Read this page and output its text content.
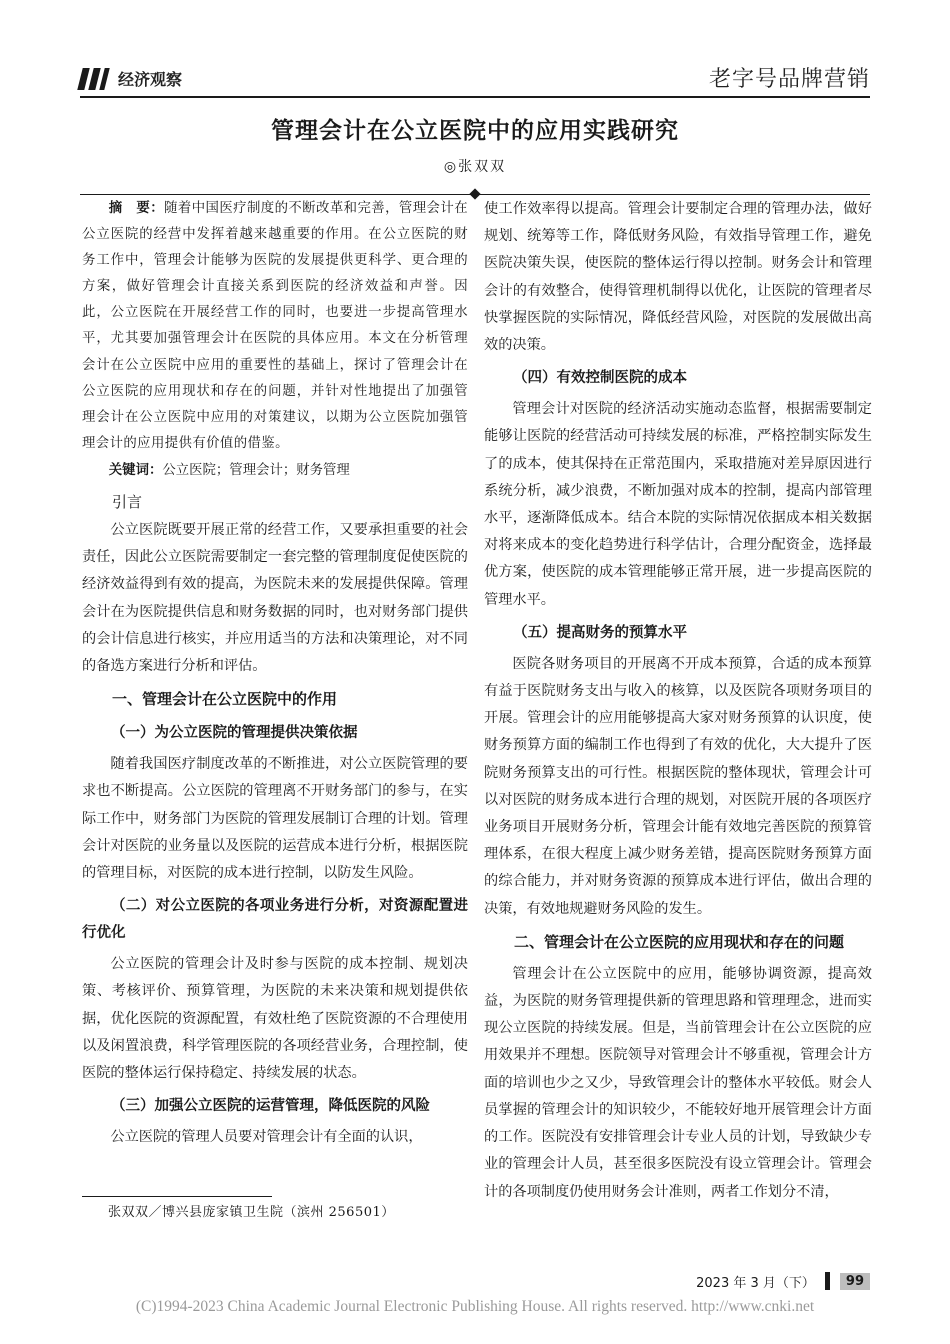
经济观察	老字号品牌营销
管理会计在公立医院中的应用实践研究
◎张双双

摘　要：随着中国医疗制度的不断改革和完善，管理会计在公立医院的经营中发挥着越来越重要的作用。在公立医院的财务工作中，管理会计能够为医院的发展提供更科学、更合理的方案，做好管理会计直接关系到医院的经济效益和声誉。因此，公立医院在开展经营工作的同时，也要进一步提高管理水平，尤其要加强管理会计在医院的具体应用。本文在分析管理会计在公立医院中应用的重要性的基础上，探讨了管理会计在公立医院的应用现状和存在的问题，并针对性地提出了加强管理会计在公立医院中应用的对策建议，以期为公立医院加强管理会计的应用提供有价值的借鉴。

关键词：公立医院；管理会计；财务管理

引言

公立医院既要开展正常的经营工作，又要承担重要的社会责任，因此公立医院需要制定一套完整的管理制度促使医院的经济效益得到有效的提高，为医院未来的发展提供保障。管理会计在为医院提供信息和财务数据的同时，也对财务部门提供的会计信息进行核实，并应用适当的方法和决策理论，对不同的备选方案进行分析和评估。

一、管理会计在公立医院中的作用
（一）为公立医院的管理提供决策依据

随着我国医疗制度改革的不断推进，对公立医院管理的要求也不断提高。公立医院的管理离不开财务部门的参与，在实际工作中，财务部门为医院的管理发展制订合理的计划。管理会计对医院的业务量以及医院的运营成本进行分析，根据医院的管理目标，对医院的成本进行控制，以防发生风险。

（二）对公立医院的各项业务进行分析，对资源配置进行优化

公立医院的管理会计及时参与医院的成本控制、规划决策、考核评价、预算管理，为医院的未来决策和规划提供依据，优化医院的资源配置，有效杜绝了医院资源的不合理使用以及闲置浪费，科学管理医院的各项经营业务，合理控制，使医院的整体运行保持稳定、持续发展的状态。

（三）加强公立医院的运营管理，降低医院的风险

公立医院的管理人员要对管理会计有全面的认识，

张双双／博兴县庞家镇卫生院（滨州 256501）

使工作效率得以提高。管理会计要制定合理的管理办法，做好规划、统筹等工作，降低财务风险，有效指导管理工作，避免医院决策失误，使医院的整体运行得以控制。财务会计和管理会计的有效整合，使得管理机制得以优化，让医院的管理者尽快掌握医院的实际情况，降低经营风险，对医院的发展做出高效的决策。

（四）有效控制医院的成本

管理会计对医院的经济活动实施动态监督，根据需要制定能够让医院的经营活动可持续发展的标准，严格控制实际发生了的成本，使其保持在正常范围内，采取措施对差异原因进行系统分析，减少浪费，不断加强对成本的控制，提高内部管理水平，逐渐降低成本。结合本院的实际情况依据成本相关数据对将来成本的变化趋势进行科学估计，合理分配资金，选择最优方案，使医院的成本管理能够正常开展，进一步提高医院的管理水平。

（五）提高财务的预算水平

医院各财务项目的开展离不开成本预算，合适的成本预算有益于医院财务支出与收入的核算，以及医院各项财务项目的开展。管理会计的应用能够提高大家对财务预算的认识度，使财务预算方面的编制工作也得到了有效的优化，大大提升了医院财务预算支出的可行性。根据医院的整体现状，管理会计可以对医院的财务成本进行合理的规划，对医院开展的各项医疗业务项目开展财务分析，管理会计能有效地完善医院的预算管理体系，在很大程度上减少财务差错，提高医院财务预算方面的综合能力，并对财务资源的预算成本进行评估，做出合理的决策，有效地规避财务风险的发生。

二、管理会计在公立医院的应用现状和存在的问题

管理会计在公立医院中的应用，能够协调资源，提高效益，为医院的财务管理提供新的管理思路和管理理念，进而实现公立医院的持续发展。但是，当前管理会计在公立医院的应用效果并不理想。医院领导对管理会计不够重视，管理会计方面的培训也少之又少，导致管理会计的整体水平较低。财会人员掌握的管理会计的知识较少，不能较好地开展管理会计方面的工作。医院没有安排管理会计专业人员的计划，导致缺少专业的管理会计人员，甚至很多医院没有设立管理会计。管理会计的各项制度仍使用财务会计准则，两者工作划分不清，

2023 年 3 月（下）	99
(C)1994-2023 China Academic Journal Electronic Publishing House. All rights reserved. http://www.cnki.net
